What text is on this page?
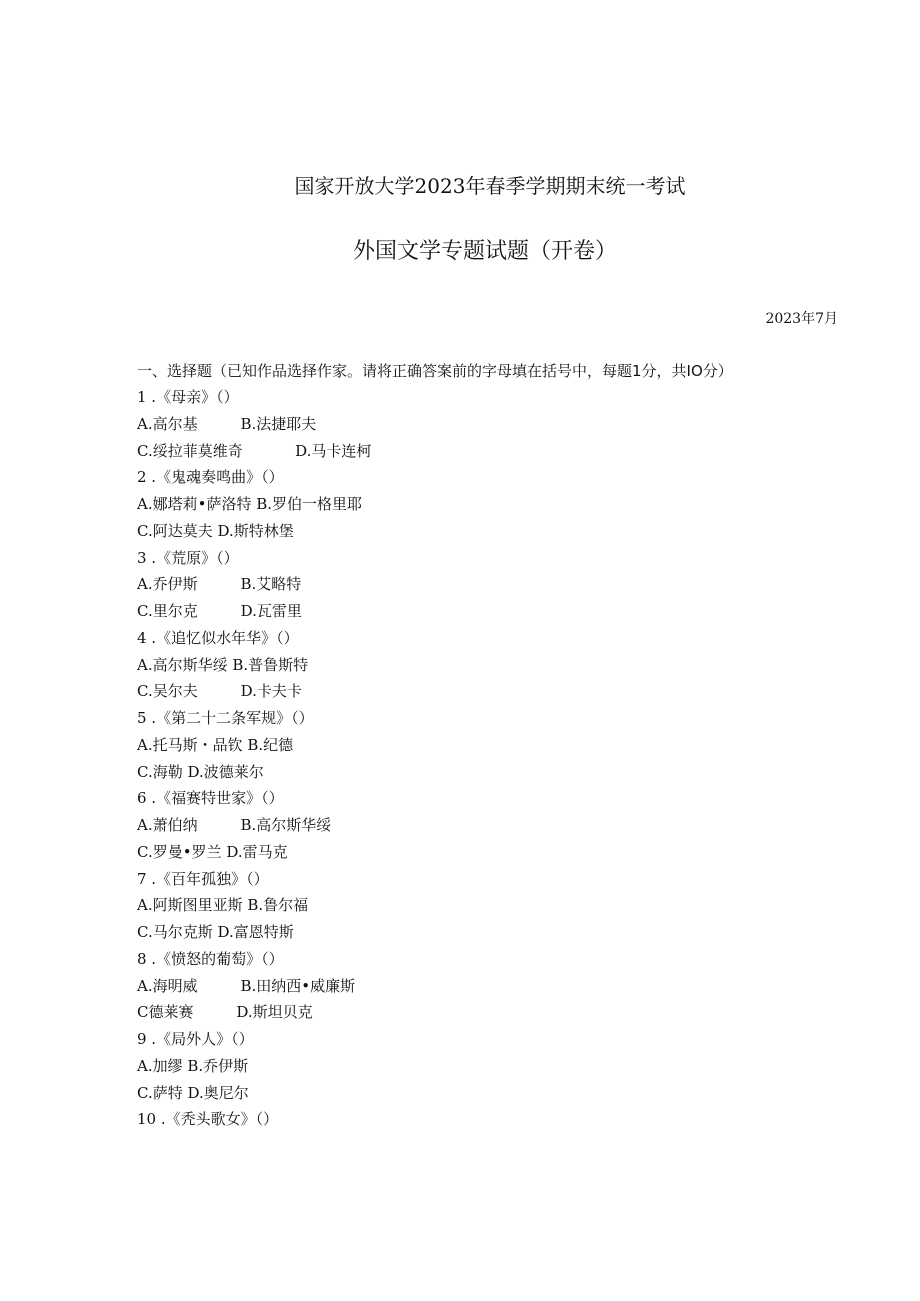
国家开放大学2023年春季学期期末统一考试
外国文学专题试题（开卷）
2023年7月
一、选择题（已知作品选择作家。请将正确答案前的字母填在括号中，每题1分，共IO分）
1 .《母亲》（）
A.高尔基         B.法捷耶夫
C.绥拉菲莫维奇           D.马卡连柯
2 .《鬼魂奏鸣曲》（）
A.娜塔莉•萨洛特 B.罗伯一格里耶
C.阿达莫夫 D.斯特林堡
3 .《荒原》（）
A.乔伊斯         B.艾略特
C.里尔克         D.瓦雷里
4 .《追忆似水年华》（）
A.高尔斯华绥 B.普鲁斯特
C.吴尔夫         D.卡夫卡
5 .《第二十二条军规》（）
A.托马斯・品钦 B.纪德
C.海勒 D.波德莱尔
6 .《福赛特世家》（）
A.萧伯纳         B.高尔斯华绥
C.罗曼•罗兰 D.雷马克
7 .《百年孤独》（）
A.阿斯图里亚斯 B.鲁尔福
C.马尔克斯 D.富恩特斯
8 .《愤怒的葡萄》（）
A.海明威         B.田纳西•威廉斯
C德莱赛         D.斯坦贝克
9 .《局外人》（）
A.加缪 B.乔伊斯
C.萨特 D.奥尼尔
10 .《秃头歌女》（）
